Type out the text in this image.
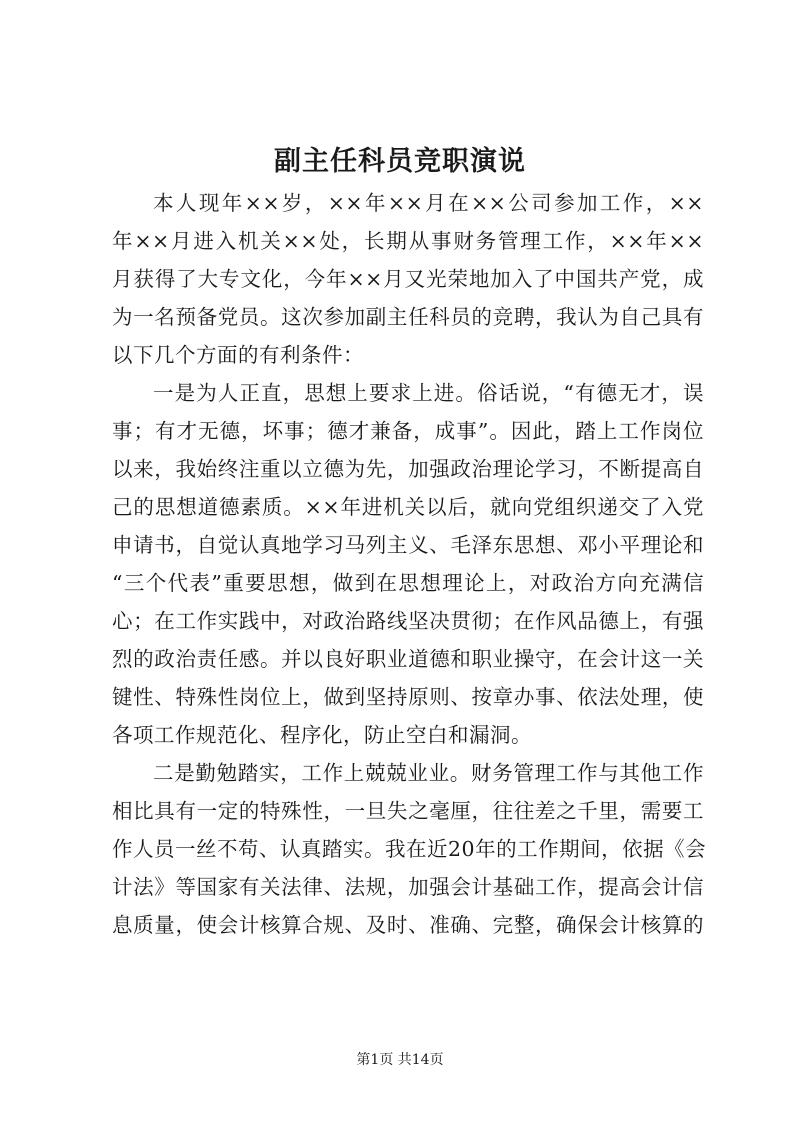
副主任科员竞职演说
本人现年××岁，××年××月在××公司参加工作，××
年××月进入机关××处，长期从事财务管理工作，××年××
月获得了大专文化，今年××月又光荣地加入了中国共产党，成
为一名预备党员。这次参加副主任科员的竞聘，我认为自己具有
以下几个方面的有利条件：
一是为人正直，思想上要求上进。俗话说，“有德无才，误
事；有才无德，坏事；德才兼备，成事”。因此，踏上工作岗位
以来，我始终注重以立德为先，加强政治理论学习，不断提高自
己的思想道德素质。××年进机关以后，就向党组织递交了入党
申请书，自觉认真地学习马列主义、毛泽东思想、邓小平理论和
“三个代表”重要思想，做到在思想理论上，对政治方向充满信
心；在工作实践中，对政治路线坚决贯彻；在作风品德上，有强
烈的政治责任感。并以良好职业道德和职业操守，在会计这一关
键性、特殊性岗位上，做到坚持原则、按章办事、依法处理，使
各项工作规范化、程序化，防止空白和漏洞。
二是勤勉踏实，工作上兢兢业业。财务管理工作与其他工作
相比具有一定的特殊性，一旦失之毫厘，往往差之千里，需要工
作人员一丝不苟、认真踏实。我在近20年的工作期间，依据《会
计法》等国家有关法律、法规，加强会计基础工作，提高会计信
息质量，使会计核算合规、及时、准确、完整，确保会计核算的
第1页 共14页
